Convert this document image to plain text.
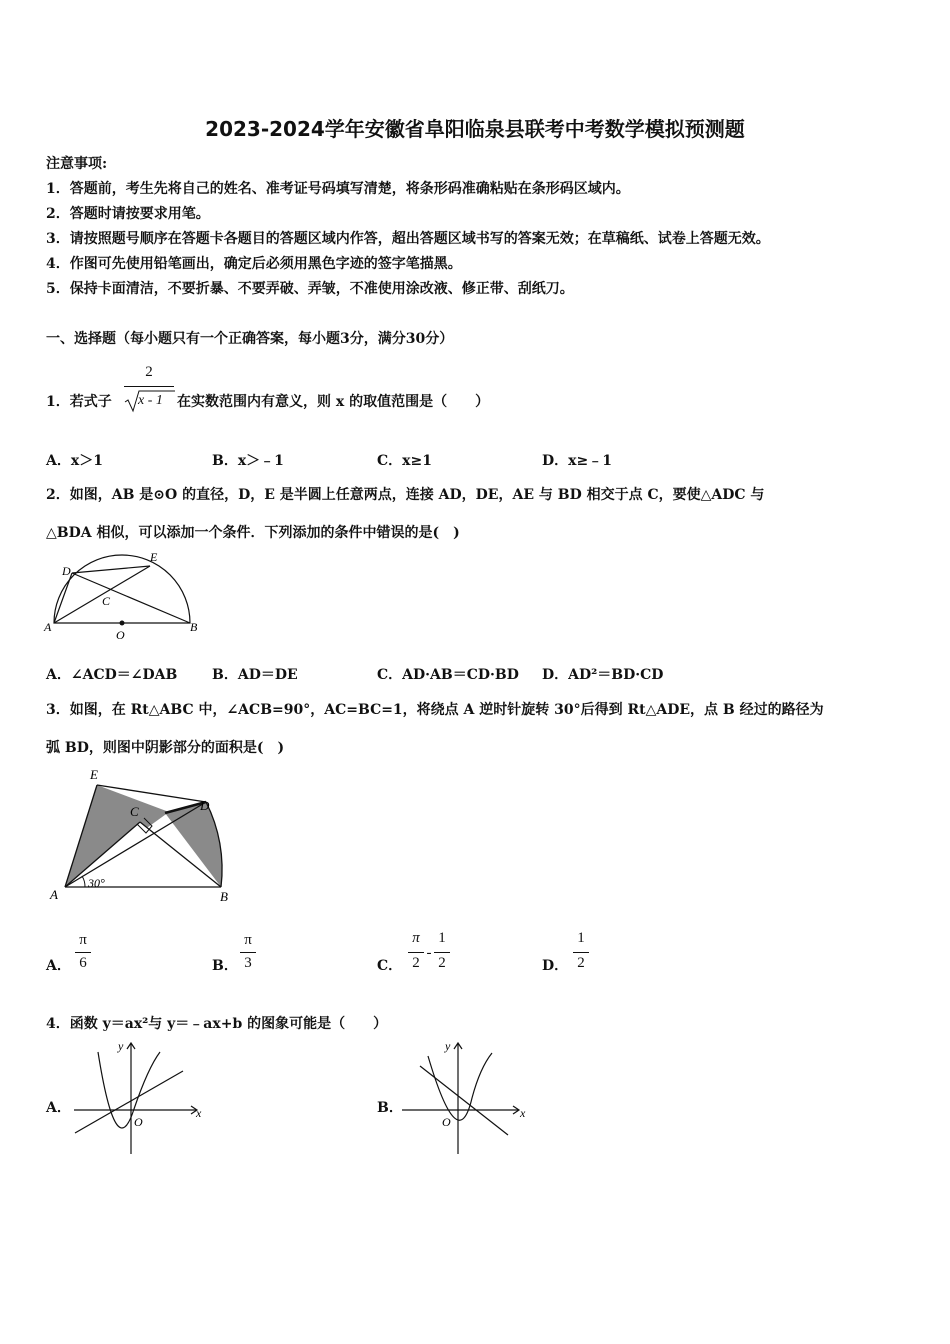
2023-2024学年安徽省阜阳临泉县联考中考数学模拟预测题
注意事项:
1．答题前，考生先将自己的姓名、准考证号码填写清楚，将条形码准确粘贴在条形码区域内。
2．答题时请按要求用笔。
3．请按照题号顺序在答题卡各题目的答题区域内作答，超出答题区域书写的答案无效；在草稿纸、试卷上答题无效。
4．作图可先使用铅笔画出，确定后必须用黑色字迹的签字笔描黑。
5．保持卡面清洁，不要折暴、不要弄破、弄皱，不准使用涂改液、修正带、刮纸刀。
一、选择题（每小题只有一个正确答案，每小题3分，满分30分）
1．若式子
2
x - 1 在实数范围内有意义，则 x 的取值范围是（　　）
A．x＞1	B．x＞﹣1	C．x≥1	D．x≥﹣1
2．如图，AB 是⊙O 的直径，D，E 是半圆上任意两点，连接 AD，DE，AE 与 BD 相交于点 C，要使△ADC 与
△BDA 相似，可以添加一个条件．下列添加的条件中错误的是(　)
D
E
C
A
O
B
A．∠ACD＝∠DAB B．AD＝DE	C．AD·AB＝CD·BD D．AD²＝BD·CD
3．如图，在 Rt△ABC 中，∠ACB=90°，AC=BC=1，将绕点 A 逆时针旋转 30°后得到 Rt△ADE，点 B 经过的路径为
弧 BD，则图中阴影部分的面积是(　)
E
C	D
A	B
30°
A．
π
6	B．
π
3	C．
π
2
-
1
2	D．
1
2
4．函数 y＝ax²与 y＝﹣ax+b 的图象可能是（　　）
A．
y
x
O
B．
y
x
O
